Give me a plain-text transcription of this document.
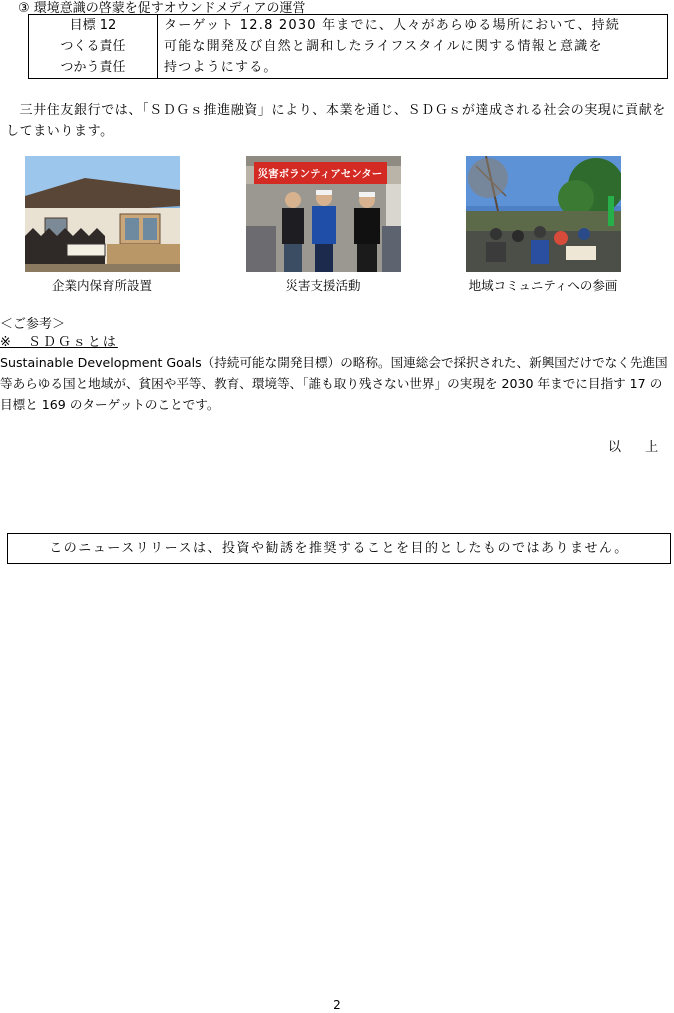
③ 環境意識の啓蒙を促すオウンドメディアの運営
目標 12
つくる責任
つかう責任

ターゲット 12.8 2030 年までに、人々があらゆる場所において、持続
可能な開発及び自然と調和したライフスタイルに関する情報と意識を
持つようにする。
　三井住友銀行では、「ＳＤＧｓ推進融資」により、本業を通じ、ＳＤＧｓが達成される社会の実現に貢献をしてまいります。
企業内保育所設置
災害ボランティアセンター
災害支援活動	地域コミュニティへの参画
＜ご参考＞
※　ＳＤＧｓとは
Sustainable Development Goals（持続可能な開発目標）の略称。国連総会で採択された、新興国だけでなく先進国等あらゆる国と地域が、貧困や平等、教育、環境等、「誰も取り残さない世界」の実現を 2030 年までに目指す 17 の目標と 169 のターゲットのことです。
以 上
このニュースリリースは、投資や勧誘を推奨することを目的としたものではありません。
2
